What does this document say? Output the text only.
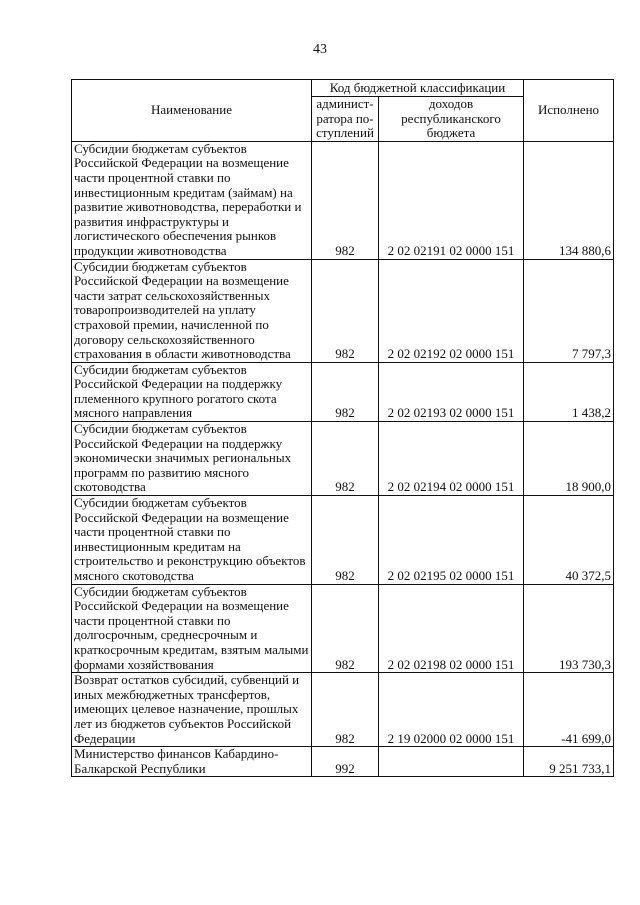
43
Наименование	Код бюджетной классификации		Исполнено
	админист-ратора по-ступлений	доходов республиканского бюджета	
Субсидии бюджетам субъектов Российской Федерации на возмещение части процентной ставки по инвестиционным кредитам (займам) на развитие животноводства, переработки и развития инфраструктуры и логистического обеспечения рынков продукции животноводства	982	2 02 02191 02 0000 151	134 880,6
Субсидии бюджетам субъектов Российской Федерации на возмещение части затрат сельскохозяйственных товаропроизводителей на уплату страховой премии, начисленной по договору сельскохозяйственного страхования в области животноводства	982	2 02 02192 02 0000 151	7 797,3
Субсидии бюджетам субъектов Российской Федерации на поддержку племенного крупного рогатого скота мясного направления	982	2 02 02193 02 0000 151	1 438,2
Субсидии бюджетам субъектов Российской Федерации на поддержку экономически значимых региональных программ по развитию мясного скотоводства	982	2 02 02194 02 0000 151	18 900,0
Субсидии бюджетам субъектов Российской Федерации на возмещение части процентной ставки по инвестиционным кредитам на строительство и реконструкцию объектов мясного скотоводства	982	2 02 02195 02 0000 151	40 372,5
Субсидии бюджетам субъектов Российской Федерации на возмещение части процентной ставки по долгосрочным, среднесрочным и краткосрочным кредитам, взятым малыми формами хозяйствования	982	2 02 02198 02 0000 151	193 730,3
Возврат остатков субсидий, субвенций и иных межбюджетных трансфертов, имеющих целевое назначение, прошлых лет из бюджетов субъектов Российской Федерации	982	2 19 02000 02 0000 151	-41 699,0
Министерство финансов Кабардино-Балкарской Республики	992		9 251 733,1
